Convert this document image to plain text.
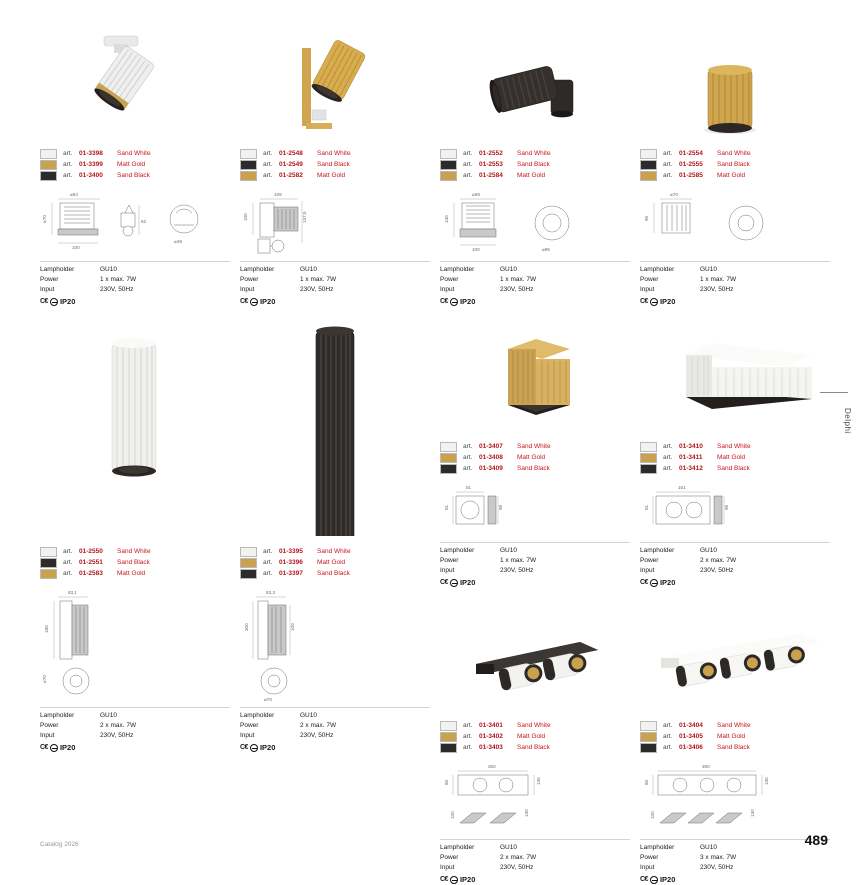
art.	01-3398	Sand White
art.	01-3399	Matt Gold
art.	01-3400	Sand Black
⌀64
⌀70
100
62
⌀49
Lampholder	GU10
Power	1 x max. 7W
Input	230V, 50Hz
C€ IP20
art.	01-2548	Sand White
art.	01-2549	Sand Black
art.	01-2582	Matt Gold
109
100	137,5
Lampholder	GU10
Power	1 x max. 7W
Input	230V, 50Hz
C€ IP20
art.	01-2552	Sand White
art.	01-2553	Sand Black
art.	01-2584	Matt Gold
⌀69
130
100	⌀95
Lampholder	GU10
Power	1 x max. 7W
Input	230V, 50Hz
C€ IP20
art.	01-2554	Sand White
art.	01-2555	Sand Black
art.	01-2585	Matt Gold
⌀70
95
Lampholder	GU10
Power	1 x max. 7W
Input	230V, 50Hz
C€ IP20
art.	01-2550	Sand White
art.	01-2551	Sand Black
art.	01-2583	Matt Gold
83,1
180
⌀70
Lampholder	GU10
Power	2 x max. 7W
Input	230V, 50Hz
C€ IP20
art.	01-3395	Sand White
art.	01-3396	Matt Gold
art.	01-3397	Sand Black
83,3
300	100
⌀70
Lampholder	GU10
Power	2 x max. 7W
Input	230V, 50Hz
C€ IP20
art.	01-3407	Sand White
art.	01-3408	Matt Gold
art.	01-3409	Sand Black
81
81	95
Lampholder	GU10
Power	1 x max. 7W
Input	230V, 50Hz
C€ IP20
art.	01-3401	Sand White
art.	01-3402	Matt Gold
art.	01-3403	Sand Black
260
80	135
100	130
Lampholder	GU10
Power	2 x max. 7W
Input	230V, 50Hz
C€ IP20
art.	01-3410	Sand White
art.	01-3411	Matt Gold
art.	01-3412	Sand Black
161
81	95
Lampholder	GU10
Power	2 x max. 7W
Input	230V, 50Hz
C€ IP20
art.	01-3404	Sand White
art.	01-3405	Matt Gold
art.	01-3406	Sand Black
390
80	135
100	130
Lampholder	GU10
Power	3 x max. 7W
Input	230V, 50Hz
C€ IP20
Delphi
Catalog 2026	489
